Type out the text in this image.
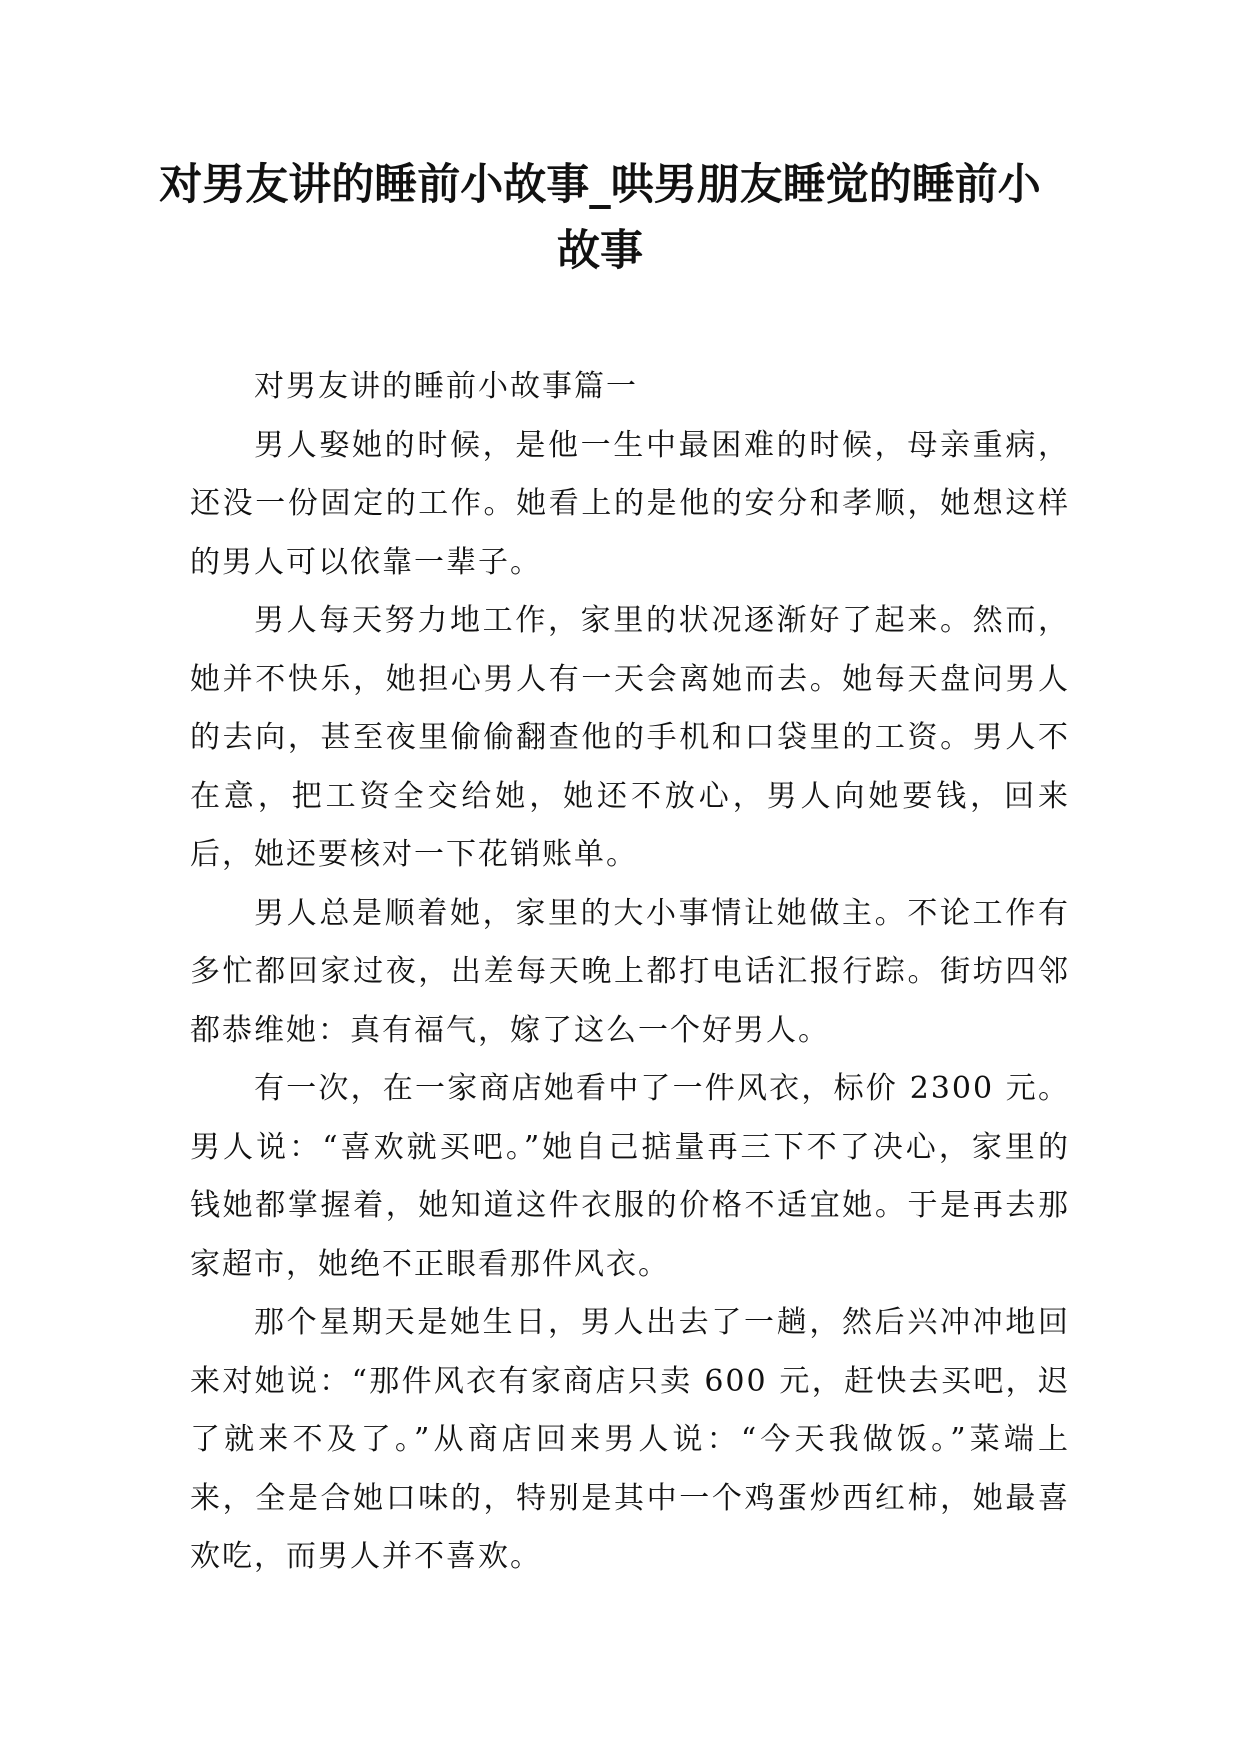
对男友讲的睡前小故事_哄男朋友睡觉的睡前小故事

对男友讲的睡前小故事篇一

男人娶她的时候，是他一生中最困难的时候，母亲重病，还没一份固定的工作。她看上的是他的安分和孝顺，她想这样的男人可以依靠一辈子。

男人每天努力地工作，家里的状况逐渐好了起来。然而，她并不快乐，她担心男人有一天会离她而去。她每天盘问男人的去向，甚至夜里偷偷翻查他的手机和口袋里的工资。男人不在意，把工资全交给她，她还不放心，男人向她要钱，回来后，她还要核对一下花销账单。

男人总是顺着她，家里的大小事情让她做主。不论工作有多忙都回家过夜，出差每天晚上都打电话汇报行踪。街坊四邻都恭维她：真有福气，嫁了这么一个好男人。

有一次，在一家商店她看中了一件风衣，标价 2300 元。男人说：“喜欢就买吧。”她自己掂量再三下不了决心，家里的钱她都掌握着，她知道这件衣服的价格不适宜她。于是再去那家超市，她绝不正眼看那件风衣。

那个星期天是她生日，男人出去了一趟，然后兴冲冲地回来对她说：“那件风衣有家商店只卖 600 元，赶快去买吧，迟了就来不及了。”从商店回来男人说：“今天我做饭。”菜端上来，全是合她口味的，特别是其中一个鸡蛋炒西红柿，她最喜欢吃，而男人并不喜欢。
